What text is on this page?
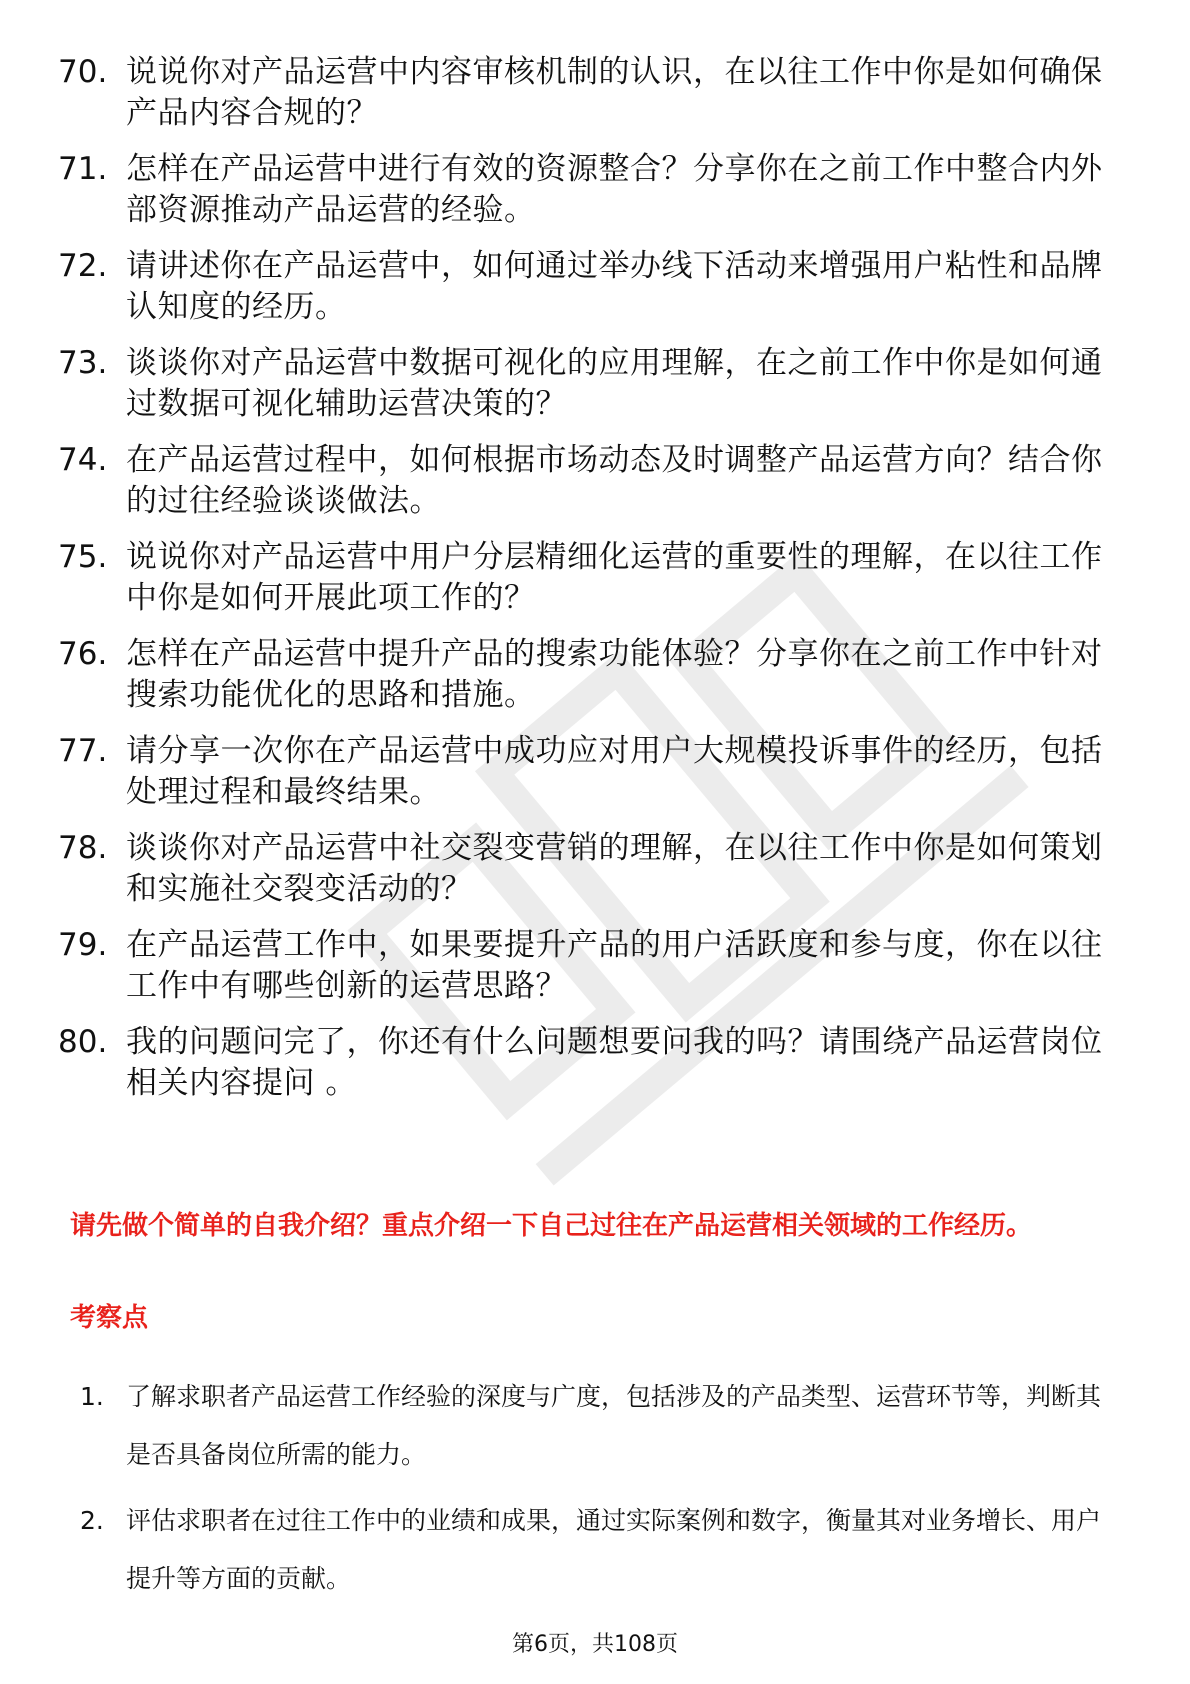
70. 说说你对产品运营中内容审核机制的认识，在以往工作中你是如何确保产品内容合规的？
71. 怎样在产品运营中进行有效的资源整合？分享你在之前工作中整合内外部资源推动产品运营的经验。
72. 请讲述你在产品运营中，如何通过举办线下活动来增强用户粘性和品牌认知度的经历。
73. 谈谈你对产品运营中数据可视化的应用理解，在之前工作中你是如何通过数据可视化辅助运营决策的？
74. 在产品运营过程中，如何根据市场动态及时调整产品运营方向？结合你的过往经验谈谈做法。
75. 说说你对产品运营中用户分层精细化运营的重要性的理解，在以往工作中你是如何开展此项工作的？
76. 怎样在产品运营中提升产品的搜索功能体验？分享你在之前工作中针对搜索功能优化的思路和措施。
77. 请分享一次你在产品运营中成功应对用户大规模投诉事件的经历，包括处理过程和最终结果。
78. 谈谈你对产品运营中社交裂变营销的理解，在以往工作中你是如何策划和实施社交裂变活动的？
79. 在产品运营工作中，如果要提升产品的用户活跃度和参与度，你在以往工作中有哪些创新的运营思路？
80. 我的问题问完了，你还有什么问题想要问我的吗？请围绕产品运营岗位相关内容提问 。
请先做个简单的自我介绍？重点介绍一下自己过往在产品运营相关领域的工作经历。
考察点
1. 了解求职者产品运营工作经验的深度与广度，包括涉及的产品类型、运营环节等，判断其是否具备岗位所需的能力。
2. 评估求职者在过往工作中的业绩和成果，通过实际案例和数字，衡量其对业务增长、用户提升等方面的贡献。
第6页，共108页
